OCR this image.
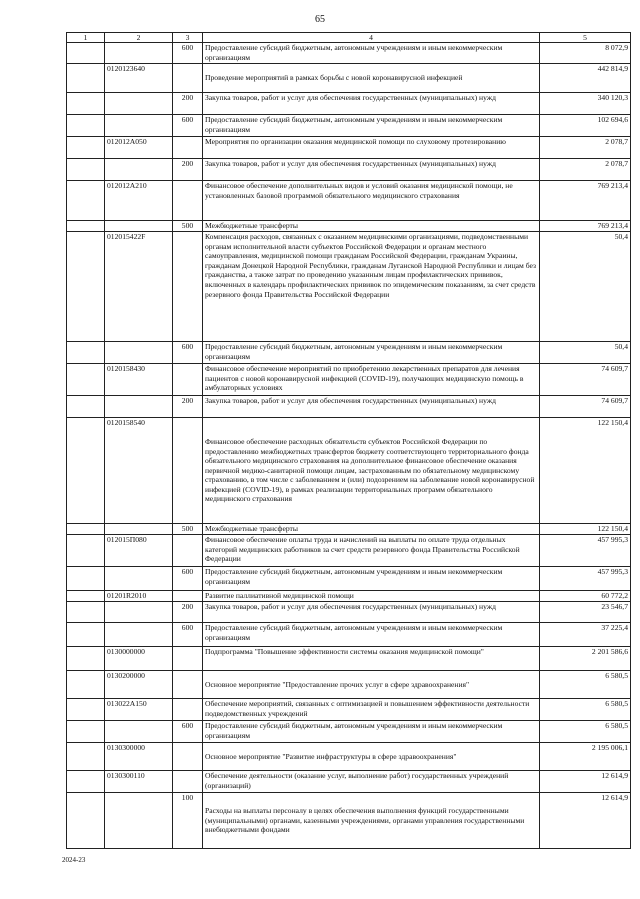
65
1	2	3	4	5
		600	Предоставление субсидий бюджетным, автономным учреждениям и иным некоммерческим организациям	8 072,9
	0120123640		Проведение мероприятий в рамках борьбы с новой коронавирусной инфекцией	442 814,9
		200	Закупка товаров, работ и услуг для обеспечения государственных (муниципальных) нужд	340 120,3
		600	Предоставление субсидий бюджетным, автономным учреждениям и иным некоммерческим организациям	102 694,6
	012012А050		Мероприятия по организации оказания медицинской помощи по слуховому протезированию	2 078,7
		200	Закупка товаров, работ и услуг для обеспечения государственных (муниципальных) нужд	2 078,7
	012012А210		Финансовое обеспечение дополнительных видов и условий оказания медицинской помощи, не установленных базовой программой обязательного медицинского страхования	769 213,4
		500	Межбюджетные трансферты	769 213,4
	012015422F		Компенсация расходов, связанных с оказанием медицинскими организациями, подведомственными органам исполнительной власти субъектов Российской Федерации и органам местного самоуправления, медицинской помощи гражданам Российской Федерации, гражданам Украины, гражданам Донецкой Народной Республики, гражданам Луганской Народной Республики и лицам без гражданства, а также затрат по проведению указанным лицам профилактических прививок, включенных в календарь профилактических прививок по эпидемическим показаниям, за счет средств резервного фонда Правительства Российской Федерации	50,4
		600	Предоставление субсидий бюджетным, автономным учреждениям и иным некоммерческим организациям	50,4
	0120158430		Финансовое обеспечение мероприятий по приобретению лекарственных препаратов для лечения пациентов с новой коронавирусной инфекцией (COVID-19), получающих медицинскую помощь в амбулаторных условиях	74 609,7
		200	Закупка товаров, работ и услуг для обеспечения государственных (муниципальных) нужд	74 609,7
	0120158540		Финансовое обеспечение расходных обязательств субъектов Российской Федерации по предоставлению межбюджетных трансфертов бюджету соответствующего территориального фонда обязательного медицинского страхования на дополнительное финансовое обеспечение оказания первичной медико-санитарной помощи лицам, застрахованным по обязательному медицинскому страхованию, в том числе с заболеванием и (или) подозрением на заболевание новой коронавирусной инфекцией (COVID-19), в рамках реализации территориальных программ обязательного медицинского страхования	122 150,4
		500	Межбюджетные трансферты	122 150,4
	012015П080		Финансовое обеспечение оплаты труда и начислений на выплаты по оплате труда отдельных категорий медицинских работников за счет средств резервного фонда Правительства Российской Федерации	457 995,3
		600	Предоставление субсидий бюджетным, автономным учреждениям и иным некоммерческим организациям	457 995,3
	01201R2010		Развитие паллиативной медицинской помощи	60 772,2
		200	Закупка товаров, работ и услуг для обеспечения государственных (муниципальных) нужд	23 546,7
		600	Предоставление субсидий бюджетным, автономным учреждениям и иным некоммерческим организациям	37 225,4
	0130000000		Подпрограмма "Повышение эффективности системы оказания медицинской помощи"	2 201 586,6
	0130200000		Основное мероприятие "Предоставление прочих услуг в сфере здравоохранения"	6 580,5
	013022А150		Обеспечение мероприятий, связанных с оптимизацией и повышением эффективности деятельности подведомственных учреждений	6 580,5
		600	Предоставление субсидий бюджетным, автономным учреждениям и иным некоммерческим организациям	6 580,5
	0130300000		Основное мероприятие "Развитие инфраструктуры в сфере здравоохранения"	2 195 006,1
	0130300110		Обеспечение деятельности (оказание услуг, выполнение работ) государственных учреждений (организаций)	12 614,9
		100	Расходы на выплаты персоналу в целях обеспечения выполнения функций государственными (муниципальными) органами, казенными учреждениями, органами управления государственными внебюджетными фондами	12 614,9
2024-23
